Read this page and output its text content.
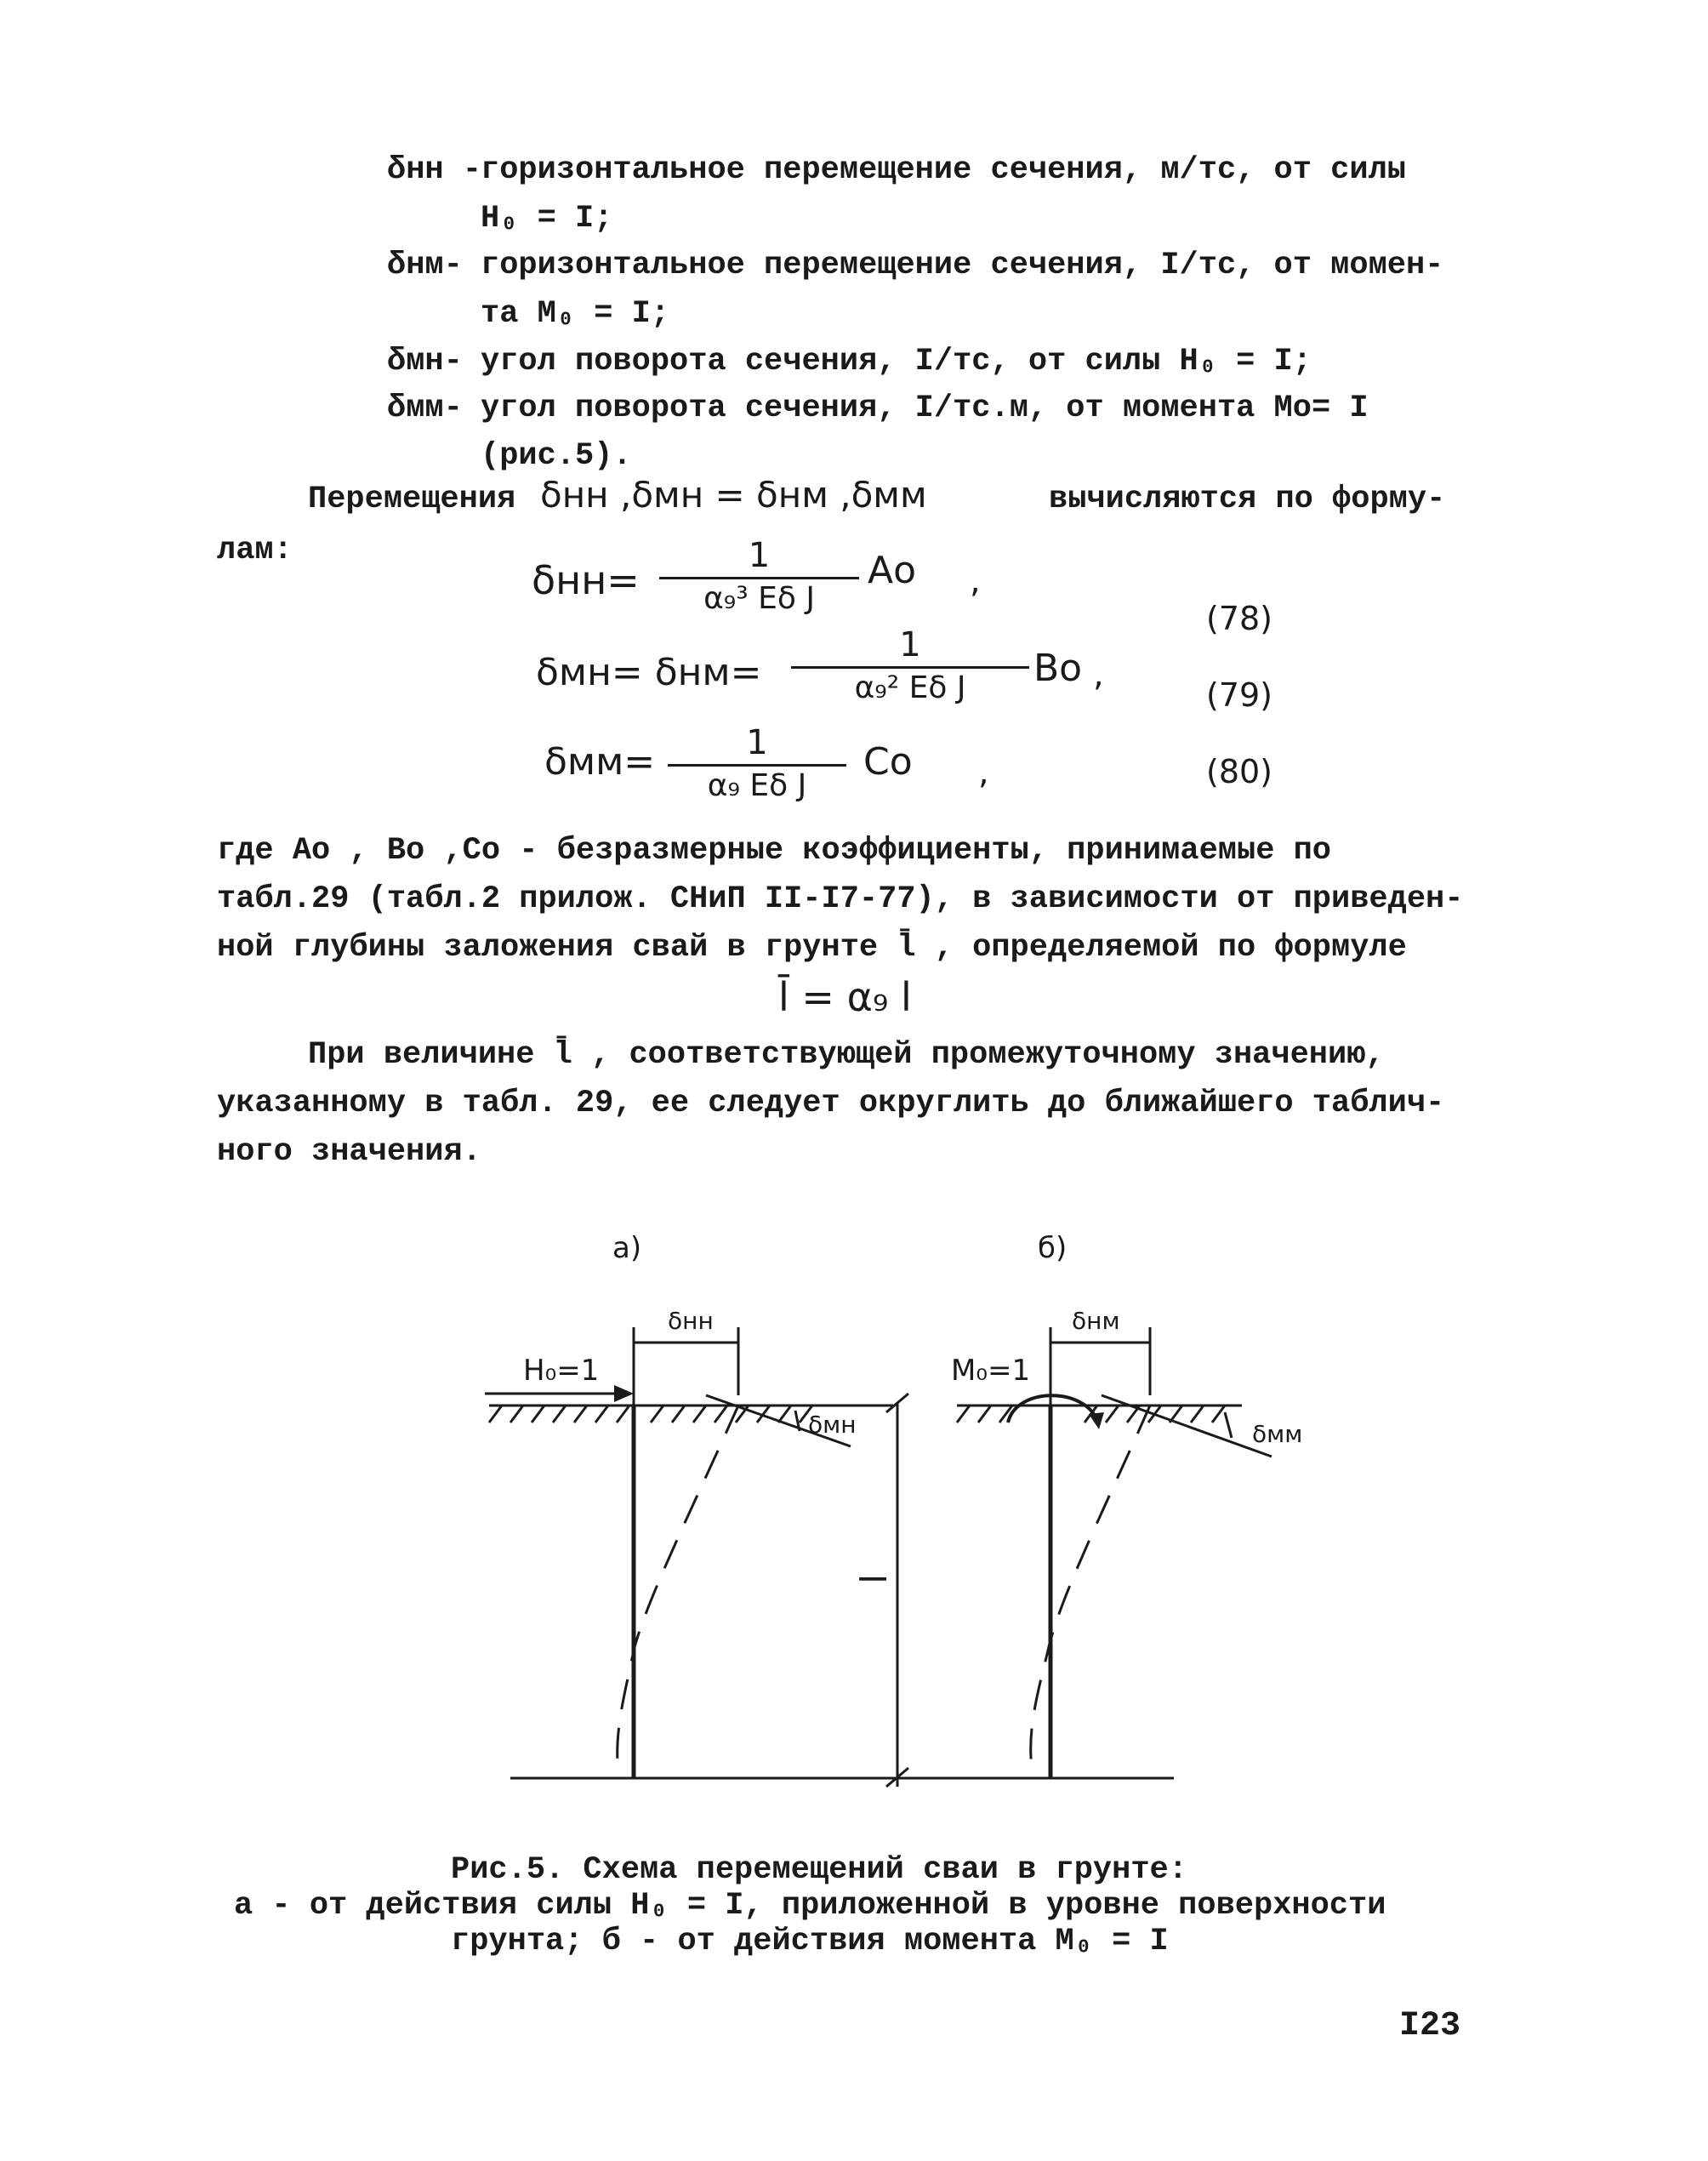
δнн -
горизонтальное перемещение сечения, м/тс, от силы
H₀ = I;
δнм- горизонтальное перемещение сечения, I/тс, от момен-
та M₀ = I;
δмн- угол поворота сечения, I/тс, от силы H₀ = I;
δмм- угол поворота сечения, I/тс.м, от момента Mо= I
(рис.5).
Перемещения δнн ,δмн = δнм ,δмм	вычисляются по форму-
лам:
δнн=
1
α₉³ Eδ J
Aо ,
(78)
δмн= δнм=
1
α₉² Eδ J	Bо ,
(79)
δмм=	1
α₉ Eδ J
Cо ,	(80)
где Aо , Bо ,Cо - безразмерные коэффициенты, принимаемые по
табл.29 (табл.2 прилож. СНиП II-I7-77), в зависимости от приведен-
ной глубины заложения свай в грунте l̄ , определяемой по формуле
l̄ = α₉ l
При величине l̄ , соответствующей промежуточному значению,
указанному в табл. 29, ее следует округлить до ближайшего таблич-
ного значения.
a)	б)
H₀=1
δнн
δмн
l
M₀=1
δнм
δмм
Рис.5. Схема перемещений сваи в грунте:
а - от действия силы H₀ = I, приложенной в уровне поверхности
грунта; б - от действия момента M₀ = I
I23
